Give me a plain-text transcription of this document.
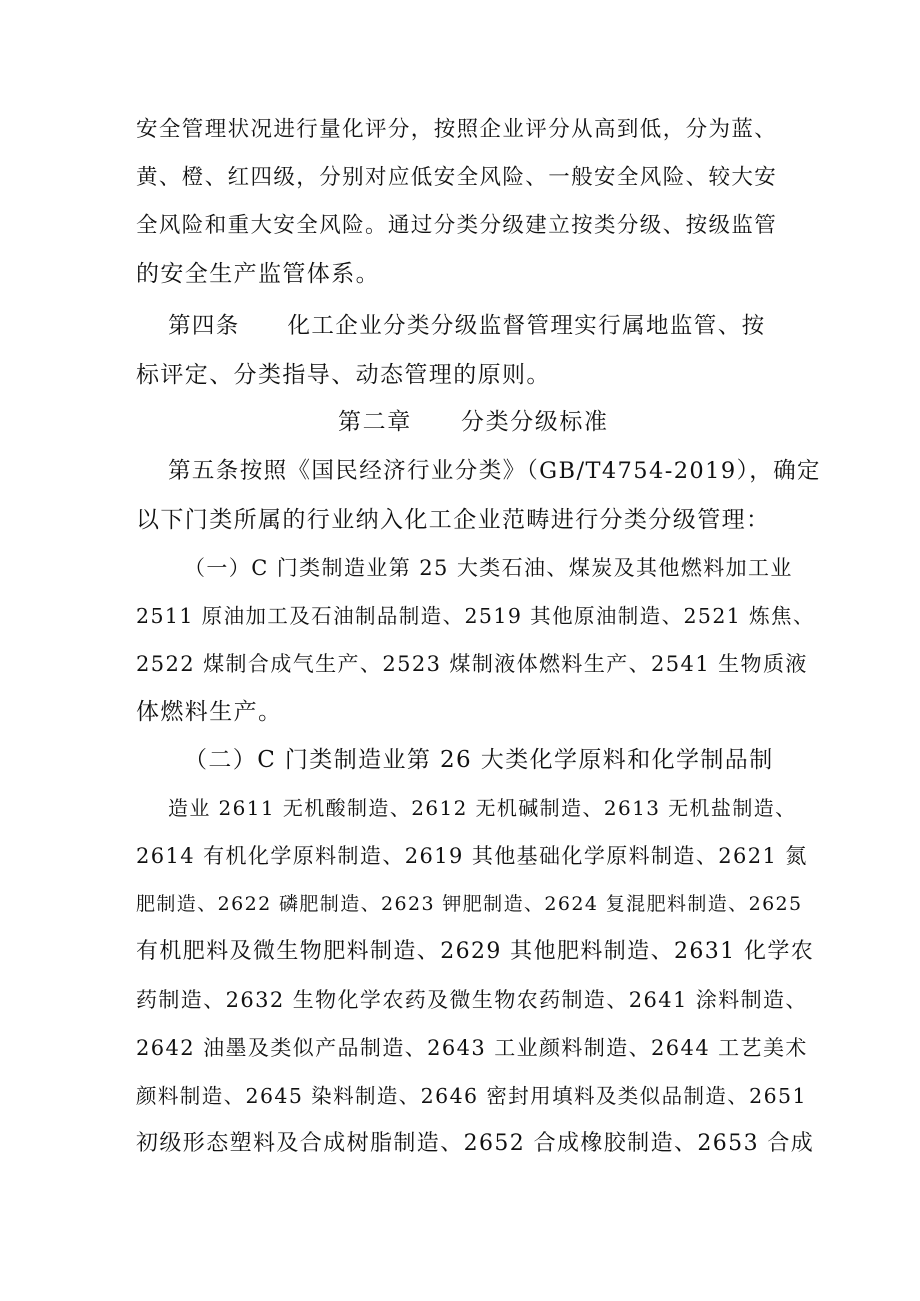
安全管理状况进行量化评分，按照企业评分从高到低，分为蓝、
黄、橙、红四级，分别对应低安全风险、一般安全风险、较大安
全风险和重大安全风险。通过分类分级建立按类分级、按级监管
的安全生产监管体系。
第四条　　化工企业分类分级监督管理实行属地监管、按
标评定、分类指导、动态管理的原则。
第二章　　分类分级标准
第五条按照《国民经济行业分类》（GB/T4754-2019），确定
以下门类所属的行业纳入化工企业范畴进行分类分级管理：
（一）C 门类制造业第 25 大类石油、煤炭及其他燃料加工业
2511 原油加工及石油制品制造、2519 其他原油制造、2521 炼焦、
2522 煤制合成气生产、2523 煤制液体燃料生产、2541 生物质液
体燃料生产。
（二）C 门类制造业第 26 大类化学原料和化学制品制
造业 2611 无机酸制造、2612 无机碱制造、2613 无机盐制造、
2614 有机化学原料制造、2619 其他基础化学原料制造、2621 氮
肥制造、2622 磷肥制造、2623 钾肥制造、2624 复混肥料制造、2625
有机肥料及微生物肥料制造、2629 其他肥料制造、2631 化学农
药制造、2632 生物化学农药及微生物农药制造、2641 涂料制造、
2642 油墨及类似产品制造、2643 工业颜料制造、2644 工艺美术
颜料制造、2645 染料制造、2646 密封用填料及类似品制造、2651
初级形态塑料及合成树脂制造、2652 合成橡胶制造、2653 合成
